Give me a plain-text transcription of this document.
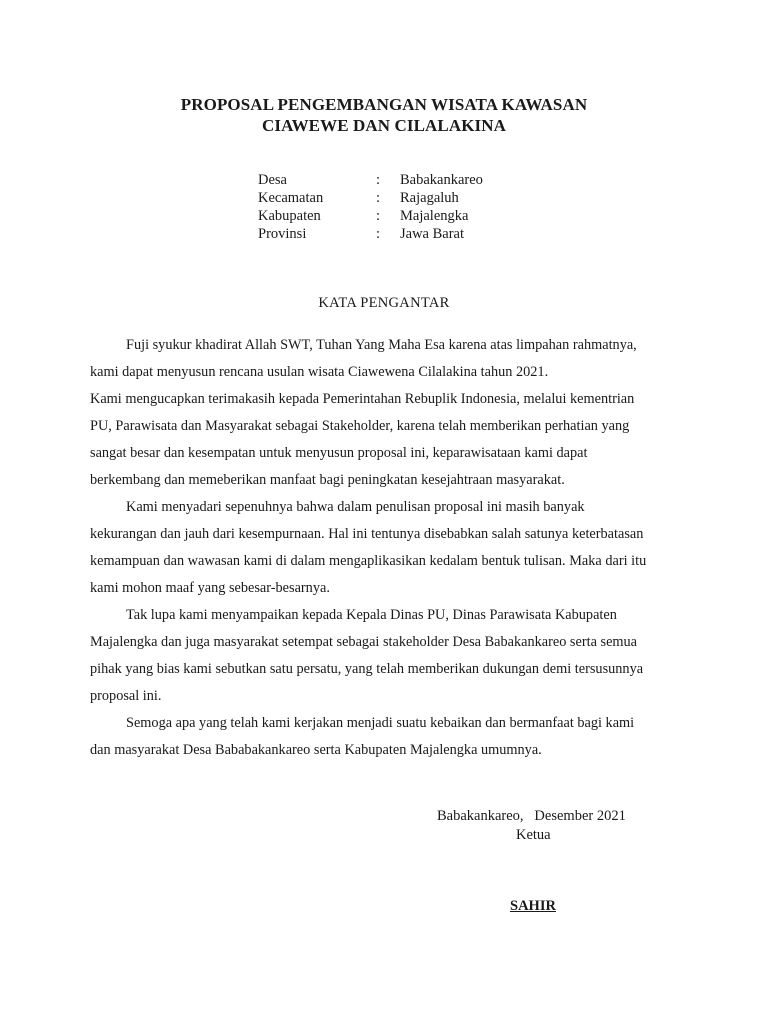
PROPOSAL PENGEMBANGAN WISATA KAWASAN
CIAWEWE DAN CILALAKINA
Desa	:	Babakankareo
Kecamatan	:	Rajagaluh
Kabupaten	:	Majalengka
Provinsi	:	Jawa Barat
KATA PENGANTAR
Fuji syukur khadirat Allah SWT, Tuhan Yang Maha Esa karena atas limpahan rahmatnya,
kami dapat menyusun rencana usulan wisata Ciawewena Cilalakina tahun 2021.
Kami mengucapkan terimakasih kepada Pemerintahan Rebuplik Indonesia, melalui kementrian
PU, Parawisata dan Masyarakat sebagai Stakeholder, karena telah memberikan perhatian yang
sangat besar dan kesempatan untuk menyusun proposal ini, keparawisataan kami dapat
berkembang dan memeberikan manfaat bagi peningkatan kesejahtraan masyarakat.
Kami menyadari sepenuhnya bahwa dalam penulisan proposal ini masih banyak
kekurangan dan jauh dari kesempurnaan. Hal ini tentunya disebabkan salah satunya keterbatasan
kemampuan dan wawasan kami di dalam mengaplikasikan kedalam bentuk tulisan. Maka dari itu
kami mohon maaf yang sebesar-besarnya.
Tak lupa kami menyampaikan kepada Kepala Dinas PU, Dinas Parawisata Kabupaten
Majalengka dan juga masyarakat setempat sebagai stakeholder Desa Babakankareo serta semua
pihak yang bias kami sebutkan satu persatu, yang telah memberikan dukungan demi tersusunnya
proposal ini.
Semoga apa yang telah kami kerjakan menjadi suatu kebaikan dan bermanfaat bagi kami
dan masyarakat Desa Bababakankareo serta Kabupaten Majalengka umumnya.
Babakankareo,   Desember 2021
Ketua
SAHIR
